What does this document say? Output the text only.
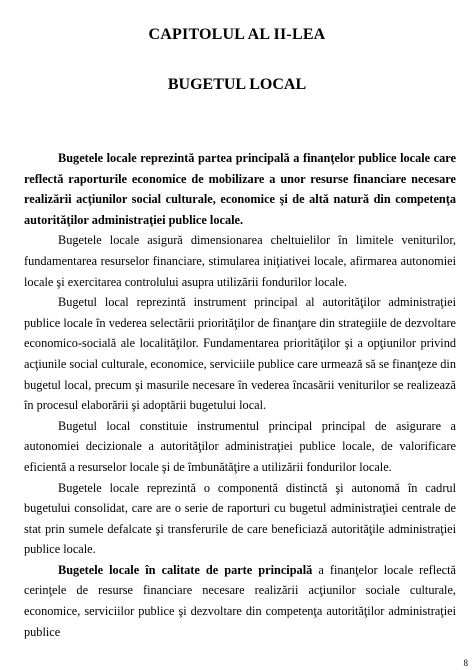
CAPITOLUL AL II-LEA
BUGETUL LOCAL

Bugetele locale reprezintă partea principală a finanţelor publice locale care reflectă raporturile economice de mobilizare a unor resurse financiare necesare realizării acţiunilor social culturale, economice şi de altă natură din competenţa autorităţilor administraţiei publice locale.

Bugetele locale asigură dimensionarea cheltuielilor în limitele veniturilor, fundamentarea resurselor financiare, stimularea iniţiativei locale, afirmarea autonomiei locale şi exercitarea controlului asupra utilizării fondurilor locale.

Bugetul local reprezintă instrument principal al autorităţilor administraţiei publice locale în vederea selectării priorităţilor de finanţare din strategiile de dezvoltare economico-socială ale localităţilor. Fundamentarea priorităţilor şi a opţiunilor privind acţiunile social culturale, economice, serviciile publice care urmează să se finanţeze din bugetul local, precum şi masurile necesare în vederea încasării veniturilor se realizează în procesul elaborării şi adoptării bugetului local.

Bugetul local constituie instrumentul principal principal de asigurare a autonomiei decizionale a autorităţilor administraţiei publice locale, de valorificare eficientă a resurselor locale şi de îmbunătăţire a utilizării fondurilor locale.

Bugetele locale reprezintă o componentă distinctă şi autonomă în cadrul bugetului consolidat, care are o serie de raporturi cu bugetul administraţiei centrale de stat prin sumele defalcate şi transferurile de care beneficiază autorităţile administraţiei publice locale.

Bugetele locale în calitate de parte principală a finanţelor locale reflectă cerinţele de resurse financiare necesare realizării acţiunilor sociale culturale, economice, serviciilor publice şi dezvoltare din competenţa autorităţilor administraţiei publice

8
